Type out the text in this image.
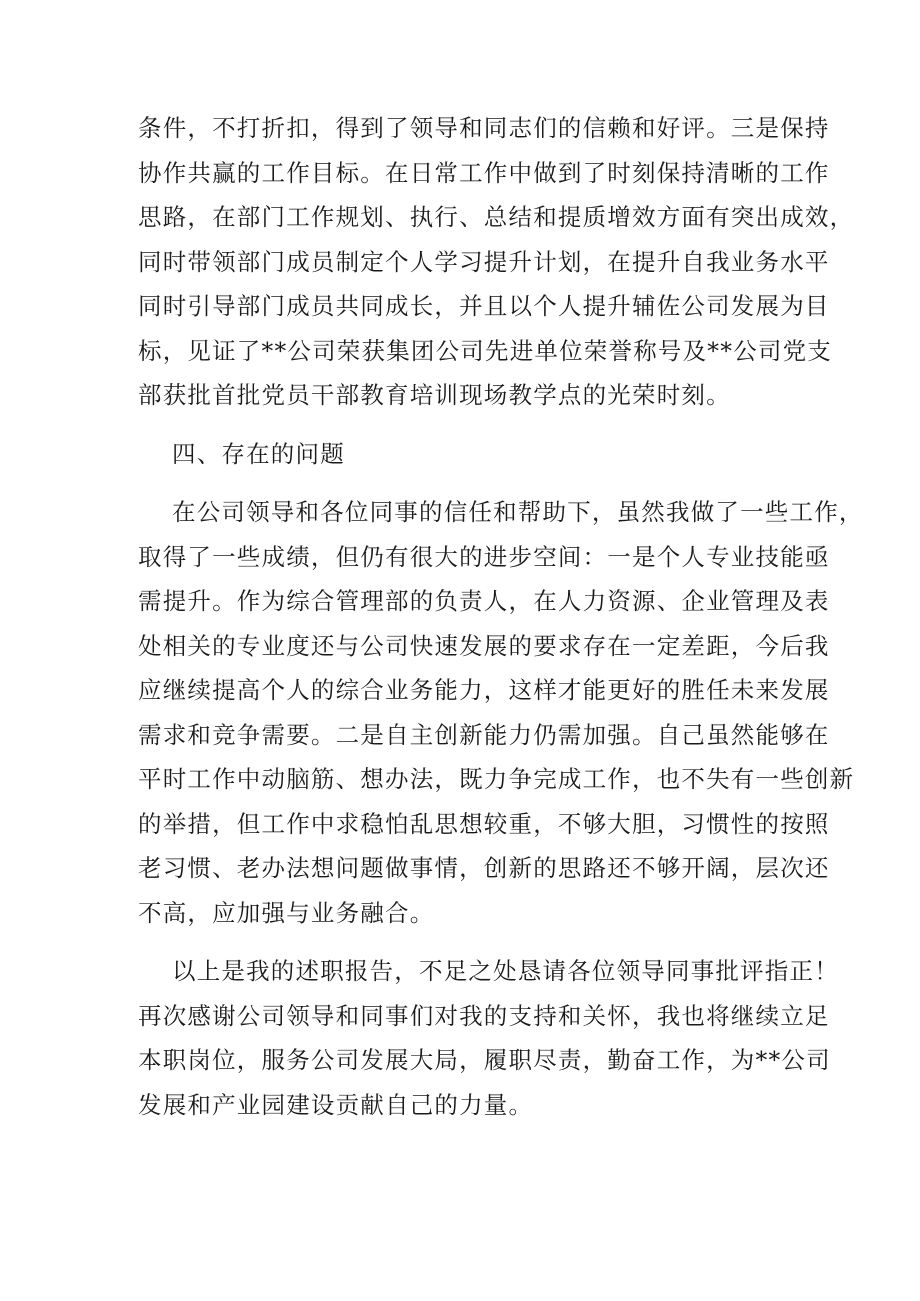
条件，不打折扣，得到了领导和同志们的信赖和好评。三是保持
协作共赢的工作目标。在日常工作中做到了时刻保持清晰的工作
思路，在部门工作规划、执行、总结和提质增效方面有突出成效，
同时带领部门成员制定个人学习提升计划，在提升自我业务水平
同时引导部门成员共同成长，并且以个人提升辅佐公司发展为目
标，见证了**公司荣获集团公司先进单位荣誉称号及**公司党支
部获批首批党员干部教育培训现场教学点的光荣时刻。
四、存在的问题
在公司领导和各位同事的信任和帮助下，虽然我做了一些工作，
取得了一些成绩，但仍有很大的进步空间：一是个人专业技能亟
需提升。作为综合管理部的负责人，在人力资源、企业管理及表
处相关的专业度还与公司快速发展的要求存在一定差距，今后我
应继续提高个人的综合业务能力，这样才能更好的胜任未来发展
需求和竞争需要。二是自主创新能力仍需加强。自己虽然能够在
平时工作中动脑筋、想办法，既力争完成工作，也不失有一些创新
的举措，但工作中求稳怕乱思想较重，不够大胆，习惯性的按照
老习惯、老办法想问题做事情，创新的思路还不够开阔，层次还
不高，应加强与业务融合。
以上是我的述职报告，不足之处恳请各位领导同事批评指正！
再次感谢公司领导和同事们对我的支持和关怀，我也将继续立足
本职岗位，服务公司发展大局，履职尽责，勤奋工作，为**公司
发展和产业园建设贡献自己的力量。
